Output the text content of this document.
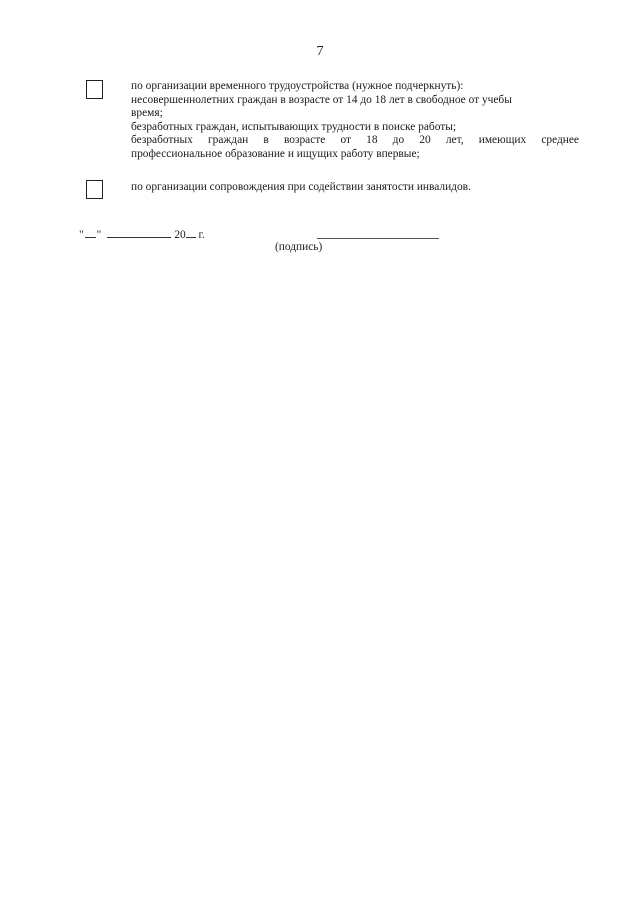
7
по организации временного трудоустройства (нужное подчеркнуть):
несовершеннолетних граждан в возрасте от 14 до 18 лет в свободное от учебы
время;
безработных граждан, испытывающих трудности в поиске работы;
безработных граждан в возрасте от 18 до 20 лет, имеющих среднее
профессиональное образование и ищущих работу впервые;
по организации сопровождения при содействии занятости инвалидов.
" "	20 г.
(подпись)
